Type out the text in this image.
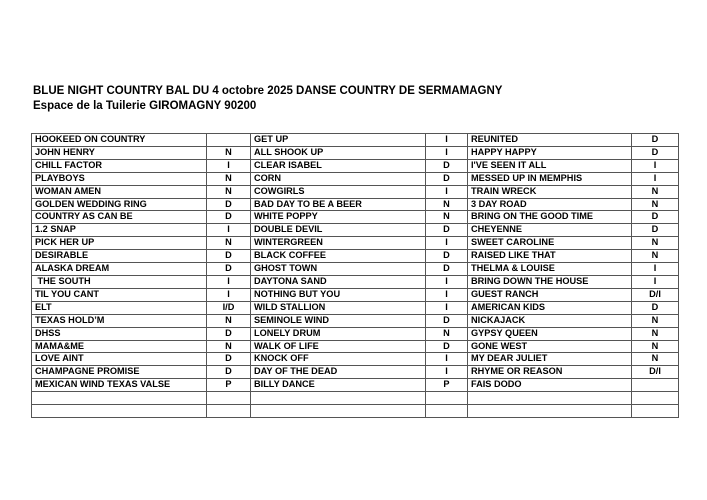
BLUE NIGHT COUNTRY BAL DU 4 octobre 2025 DANSE COUNTRY DE SERMAMAGNY
Espace de la Tuilerie GIROMAGNY 90200
HOOKEED ON COUNTRY		GET UP	I	REUNITED	D
JOHN HENRY	N	ALL SHOOK UP	I	HAPPY HAPPY	D
CHILL FACTOR	I	CLEAR ISABEL	D	I'VE SEEN IT ALL	I
PLAYBOYS	N	CORN	D	MESSED UP IN MEMPHIS	I
WOMAN AMEN	N	COWGIRLS	I	TRAIN WRECK	N
GOLDEN WEDDING RING	D	BAD DAY TO BE A BEER	N	3 DAY ROAD	N
COUNTRY AS CAN BE	D	WHITE POPPY	N	BRING ON THE GOOD TIME	D
1.2 SNAP	I	DOUBLE DEVIL	D	CHEYENNE	D
PICK HER UP	N	WINTERGREEN	I	SWEET CAROLINE	N
DESIRABLE	D	BLACK COFFEE	D	RAISED LIKE THAT	N
ALASKA DREAM	D	GHOST TOWN	D	THELMA & LOUISE	I
THE SOUTH	I	DAYTONA SAND	I	BRING DOWN THE HOUSE	I
TIL YOU CANT	I	NOTHING BUT YOU	I	GUEST RANCH	D/I
ELT	I/D	WILD STALLION	I	AMERICAN KIDS	D
TEXAS HOLD’M	N	SEMINOLE WIND	D	NICKAJACK	N
DHSS	D	LONELY DRUM	N	GYPSY QUEEN	N
MAMA&ME	N	WALK OF LIFE	D	GONE WEST	N
LOVE AINT	D	KNOCK OFF	I	MY DEAR JULIET	N
CHAMPAGNE PROMISE	D	DAY OF THE DEAD	I	RHYME OR REASON	D/I
MEXICAN WIND TEXAS VALSE	P	BILLY DANCE	P	FAIS DODO	
